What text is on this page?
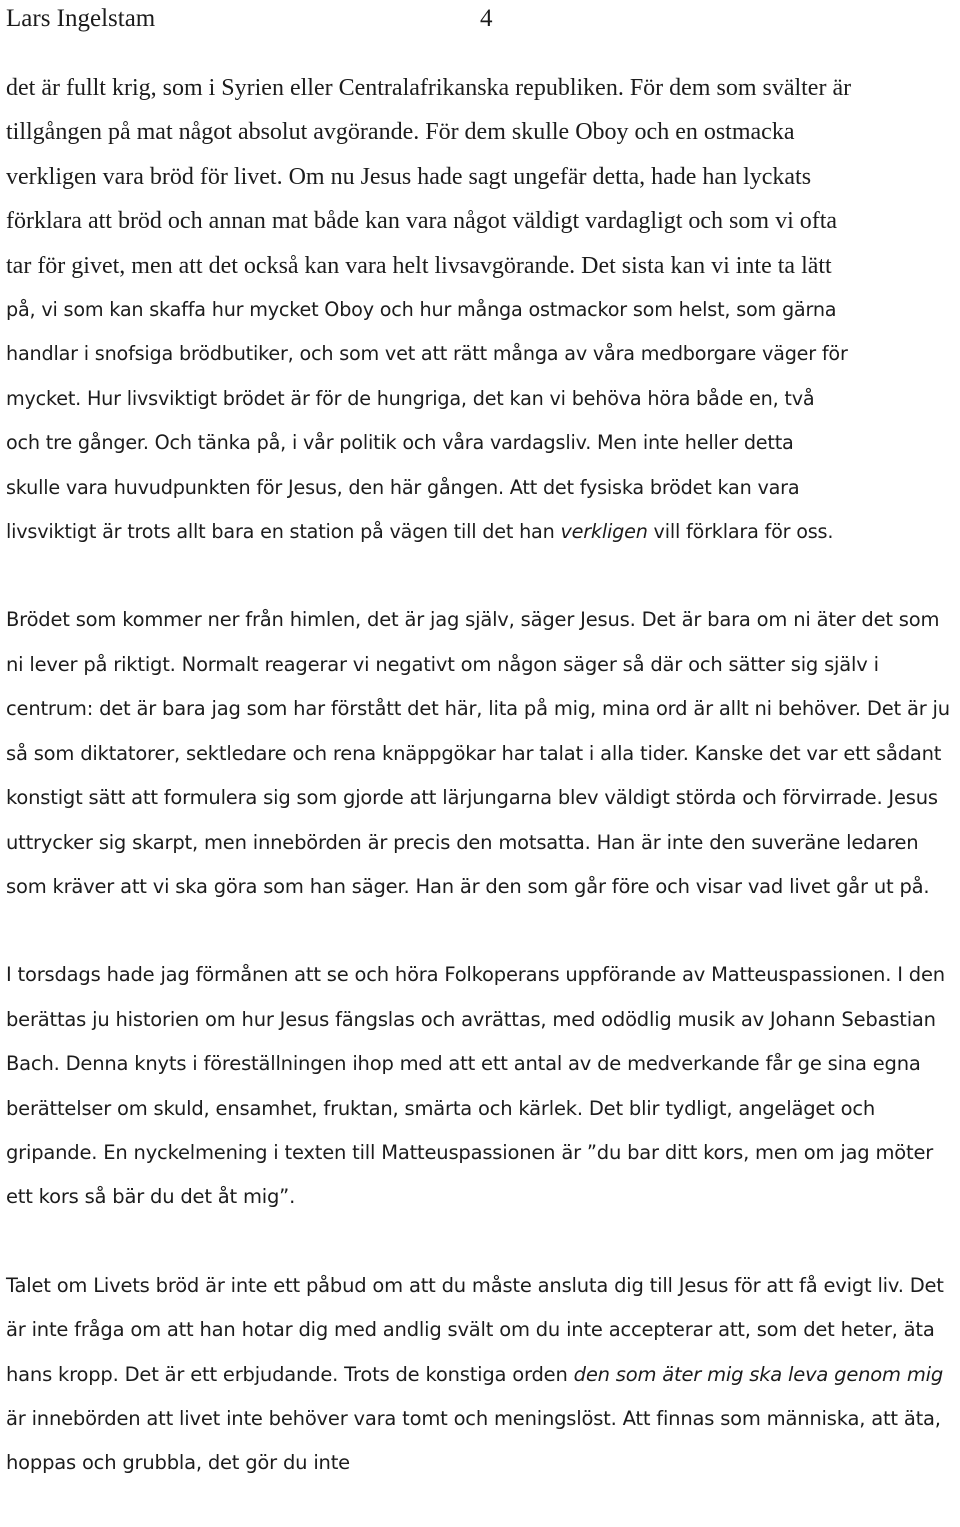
Lars Ingelstam	4
det är fullt krig, som i Syrien eller Centralafrikanska republiken. För dem som svälter är
tillgången på mat något absolut avgörande. För dem skulle Oboy och en ostmacka
verkligen vara bröd för livet. Om nu Jesus hade sagt ungefär detta, hade han lyckats
förklara att bröd och annan mat både kan vara något väldigt vardagligt och som vi ofta
tar för givet, men att det också kan vara helt livsavgörande. Det sista kan vi inte ta lätt
på, vi som kan skaffa hur mycket Oboy och hur många ostmackor som helst, som gärna
handlar i snofsiga brödbutiker, och som vet att rätt många av våra medborgare väger för
mycket. Hur livsviktigt brödet är för de hungriga, det kan vi behöva höra både en, två
och tre gånger. Och tänka på, i vår politik och våra vardagsliv. Men inte heller detta
skulle vara huvudpunkten för Jesus, den här gången. Att det fysiska brödet kan vara
livsviktigt är trots allt bara en station på vägen till det han verkligen vill förklara för oss.

Brödet som kommer ner från himlen, det är jag själv, säger Jesus. Det är bara om ni äter det som ni lever på riktigt. Normalt reagerar vi negativt om någon säger så där och sätter sig själv i centrum: det är bara jag som har förstått det här, lita på mig, mina ord är allt ni behöver. Det är ju så som diktatorer, sektledare och rena knäppgökar har talat i alla tider. Kanske det var ett sådant konstigt sätt att formulera sig som gjorde att lärjungarna blev väldigt störda och förvirrade. Jesus uttrycker sig skarpt, men innebörden är precis den motsatta. Han är inte den suveräne ledaren som kräver att vi ska göra som han säger. Han är den som går före och visar vad livet går ut på.

I torsdags hade jag förmånen att se och höra Folkoperans uppförande av Matteuspassionen. I den berättas ju historien om hur Jesus fängslas och avrättas, med odödlig musik av Johann Sebastian Bach. Denna knyts i föreställningen ihop med att ett antal av de medverkande får ge sina egna berättelser om skuld, ensamhet, fruktan, smärta och kärlek. Det blir tydligt, angeläget och gripande. En nyckelmening i texten till Matteuspassionen är ”du bar ditt kors, men om jag möter ett kors så bär du det åt mig”.

Talet om Livets bröd är inte ett påbud om att du måste ansluta dig till Jesus för att få evigt liv. Det är inte fråga om att han hotar dig med andlig svält om du inte accepterar att, som det heter, äta hans kropp. Det är ett erbjudande. Trots de konstiga orden den som äter mig ska leva genom mig är innebörden att livet inte behöver vara tomt och meningslöst. Att finnas som människa, att äta, hoppas och grubbla, det gör du inte
